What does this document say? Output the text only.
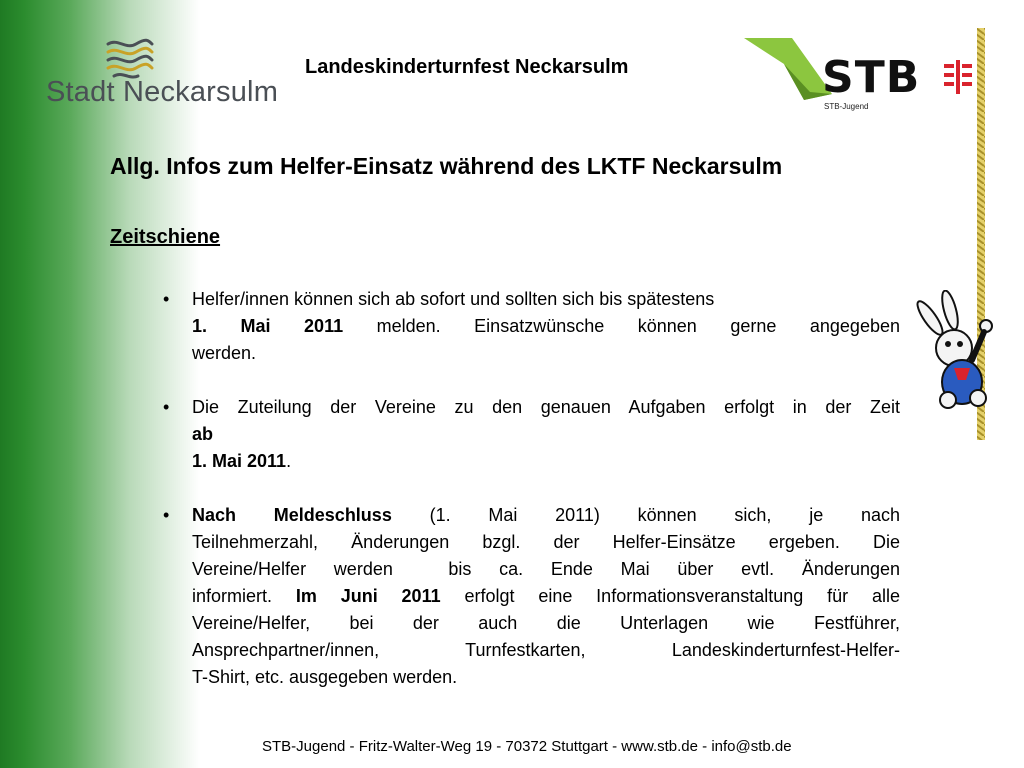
Stadt Neckarsulm
Landeskinderturnfest Neckarsulm	STB
STB-Jugend
Allg. Infos zum Helfer-Einsatz während des LKTF Neckarsulm
Zeitschiene
• Helfer/innen können sich ab sofort und sollten sich bis spätestens
1. Mai 2011 melden. Einsatzwünsche können gerne angegeben
werden.
• Die Zuteilung der Vereine zu den genauen Aufgaben erfolgt in der Zeit
ab
1. Mai 2011.
• Nach Meldeschluss (1. Mai 2011) können sich, je nach
Teilnehmerzahl, Änderungen bzgl. der Helfer-Einsätze ergeben. Die
Vereine/Helfer werden  bis ca. Ende Mai über evtl. Änderungen
informiert. Im Juni 2011 erfolgt eine Informationsveranstaltung für alle
Vereine/Helfer, bei der auch die Unterlagen wie Festführer,
Ansprechpartner/innen, Turnfestkarten, Landeskinderturnfest-Helfer-
T-Shirt, etc. ausgegeben werden.
STB-Jugend - Fritz-Walter-Weg 19 - 70372 Stuttgart - www.stb.de - info@stb.de
